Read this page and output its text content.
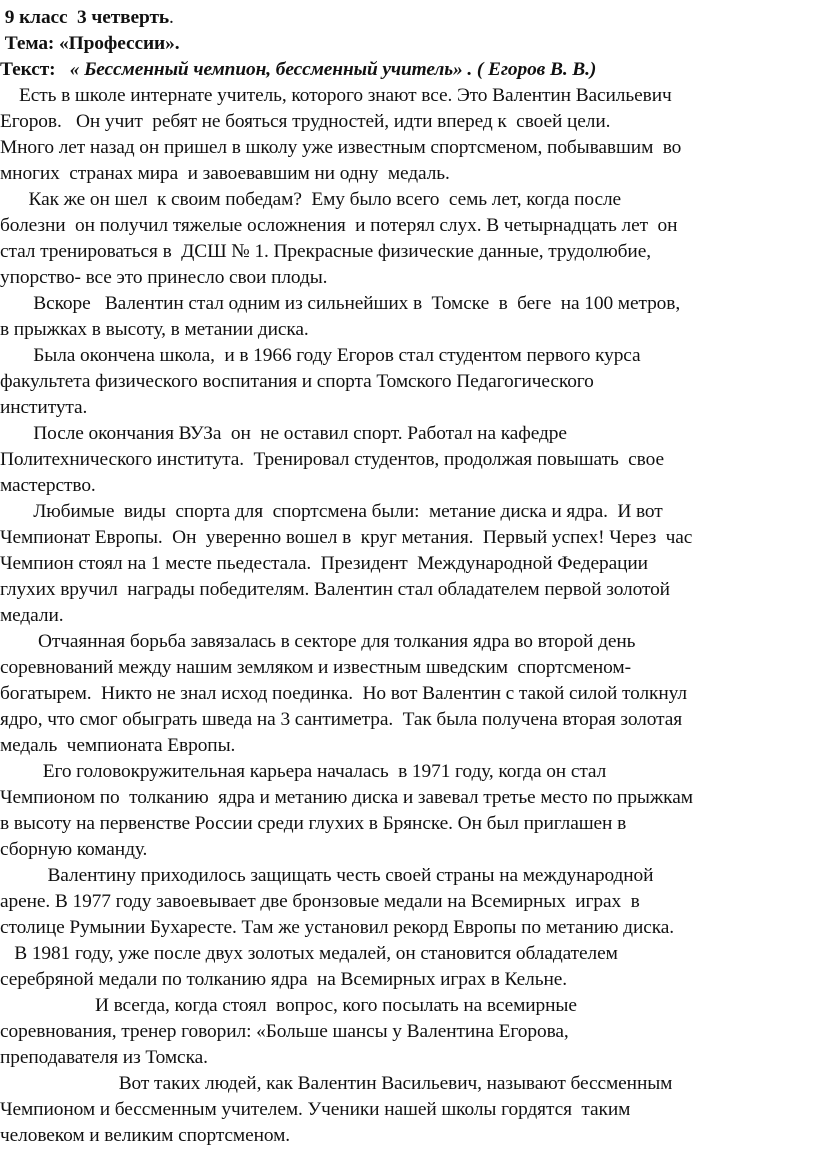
9 класс  3 четверть.
Тема: «Профессии».
Текст:   « Бессменный чемпион, бессменный учитель» . ( Егоров В. В.)
Есть в школе интернате учитель, которого знают все. Это Валентин Васильевич
Егоров.   Он учит  ребят не бояться трудностей, идти вперед к  своей цели.
Много лет назад он пришел в школу уже известным спортсменом, побывавшим  во
многих  странах мира  и завоевавшим ни одну  медаль.
Как же он шел  к своим победам?  Ему было всего  семь лет, когда после
болезни  он получил тяжелые осложнения  и потерял слух. В четырнадцать лет  он
стал тренироваться в  ДСШ № 1. Прекрасные физические данные, трудолюбие,
упорство- все это принесло свои плоды.
Вскоре   Валентин стал одним из сильнейших в  Томске  в  беге  на 100 метров,
в прыжках в высоту, в метании диска.
Была окончена школа,  и в 1966 году Егоров стал студентом первого курса
факультета физического воспитания и спорта Томского Педагогического
института.
После окончания ВУЗа  он  не оставил спорт. Работал на кафедре
Политехнического института.  Тренировал студентов, продолжая повышать  свое
мастерство.
Любимые  виды  спорта для  спортсмена были:  метание диска и ядра.  И вот
Чемпионат Европы.  Он  уверенно вошел в  круг метания.  Первый успех! Через  час
Чемпион стоял на 1 месте пьедестала.  Президент  Международной Федерации
глухих вручил  награды победителям. Валентин стал обладателем первой золотой
медали.
Отчаянная борьба завязалась в секторе для толкания ядра во второй день
соревнований между нашим земляком и известным шведским  спортсменом-
богатырем.  Никто не знал исход поединка.  Но вот Валентин с такой силой толкнул
ядро, что смог обыграть шведа на 3 сантиметра.  Так была получена вторая золотая
медаль  чемпионата Европы.
Его головокружительная карьера началась  в 1971 году, когда он стал
Чемпионом по  толканию  ядра и метанию диска и завевал третье место по прыжкам
в высоту на первенстве России среди глухих в Брянске. Он был приглашен в
сборную команду.
Валентину приходилось защищать честь своей страны на международной
арене. В 1977 году завоевывает две бронзовые медали на Всемирных  играх  в
столице Румынии Бухаресте. Там же установил рекорд Европы по метанию диска.
В 1981 году, уже после двух золотых медалей, он становится обладателем
серебряной медали по толканию ядра  на Всемирных играх в Кельне.
И всегда, когда стоял  вопрос, кого посылать на всемирные
соревнования, тренер говорил: «Больше шансы у Валентина Егорова,
преподавателя из Томска.
Вот таких людей, как Валентин Васильевич, называют бессменным
Чемпионом и бессменным учителем. Ученики нашей школы гордятся  таким
человеком и великим спортсменом.
